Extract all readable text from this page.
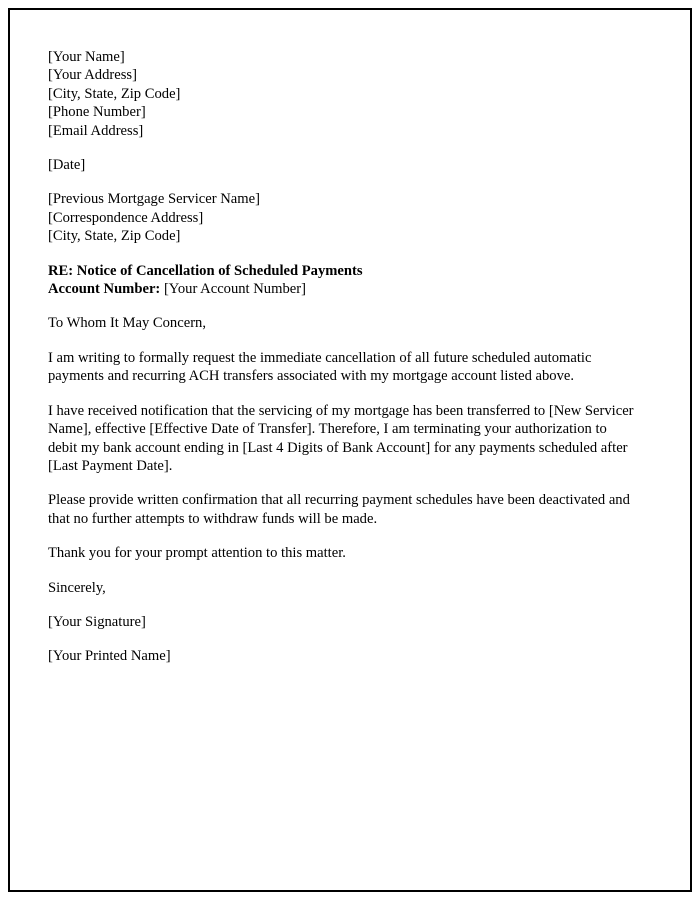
[Your Name]
[Your Address]
[City, State, Zip Code]
[Phone Number]
[Email Address]
[Date]
[Previous Mortgage Servicer Name]
[Correspondence Address]
[City, State, Zip Code]
RE: Notice of Cancellation of Scheduled Payments
Account Number: [Your Account Number]

To Whom It May Concern,

I am writing to formally request the immediate cancellation of all future scheduled automatic payments and recurring ACH transfers associated with my mortgage account listed above.

I have received notification that the servicing of my mortgage has been transferred to [New Servicer Name], effective [Effective Date of Transfer]. Therefore, I am terminating your authorization to debit my bank account ending in [Last 4 Digits of Bank Account] for any payments scheduled after [Last Payment Date].

Please provide written confirmation that all recurring payment schedules have been deactivated and that no further attempts to withdraw funds will be made.

Thank you for your prompt attention to this matter.

Sincerely,

[Your Signature]

[Your Printed Name]
